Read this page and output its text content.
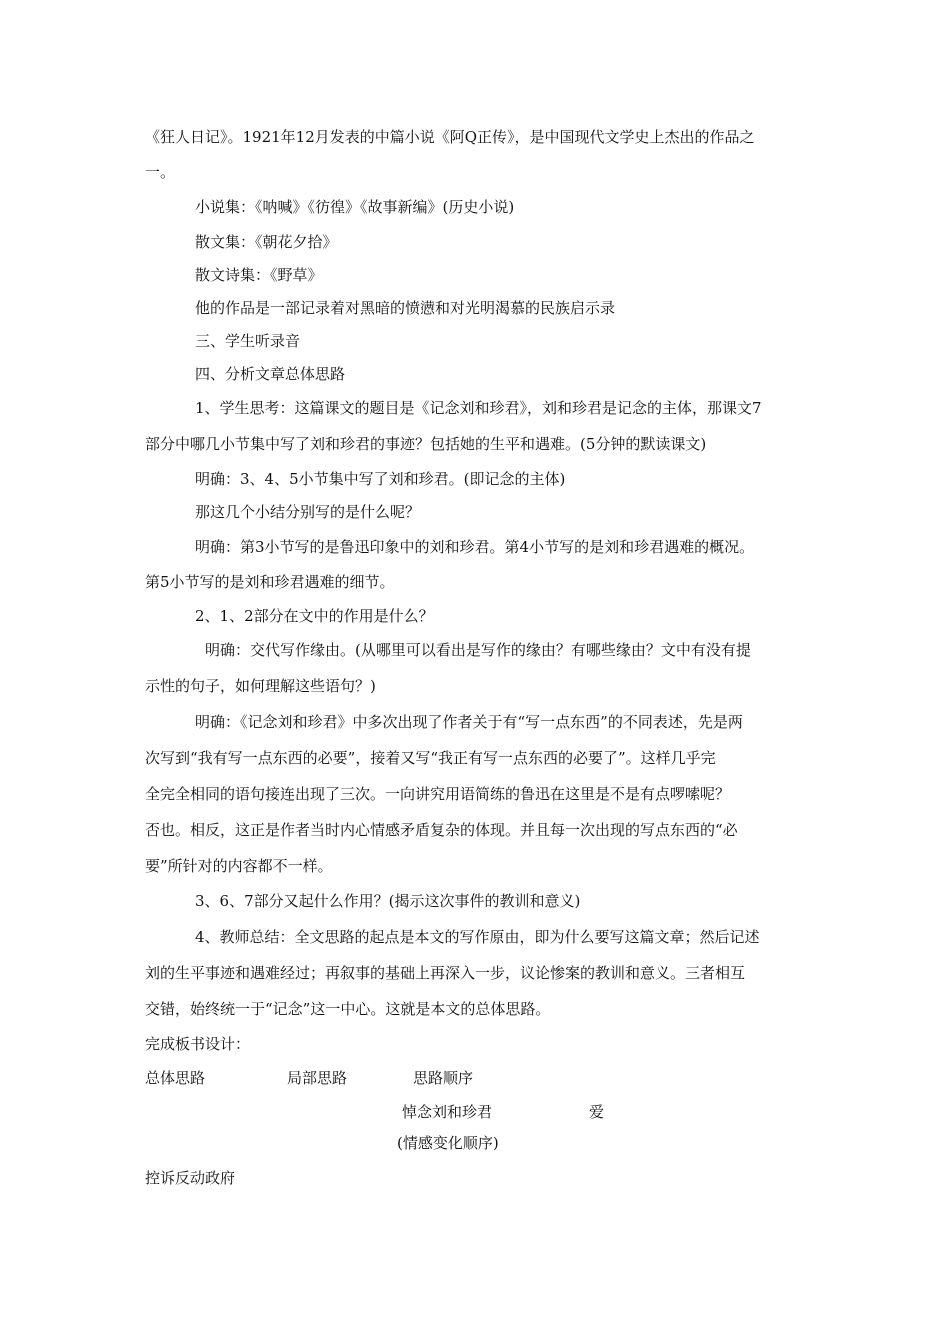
《狂人日记》。1921年12月发表的中篇小说《阿Q正传》，是中国现代文学史上杰出的作品之
一。
小说集：《呐喊》《彷徨》《故事新编》(历史小说)
散文集：《朝花夕拾》
散文诗集：《野草》
他的作品是一部记录着对黑暗的愤懑和对光明渴慕的民族启示录
三、学生听录音
四、分析文章总体思路
1、学生思考：这篇课文的题目是《记念刘和珍君》，刘和珍君是记念的主体，那课文7
部分中哪几小节集中写了刘和珍君的事迹？包括她的生平和遇难。(5分钟的默读课文)
明确：3、4、5小节集中写了刘和珍君。(即记念的主体)
那这几个小结分别写的是什么呢？
明确：第3小节写的是鲁迅印象中的刘和珍君。第4小节写的是刘和珍君遇难的概况。
第5小节写的是刘和珍君遇难的细节。
2、1、2部分在文中的作用是什么？
明确：交代写作缘由。(从哪里可以看出是写作的缘由？有哪些缘由？文中有没有提
示性的句子，如何理解这些语句？)
明确：《记念刘和珍君》中多次出现了作者关于有“写一点东西”的不同表述，先是两
次写到“我有写一点东西的必要”，接着又写“我正有写一点东西的必要了”。这样几乎完
全完全相同的语句接连出现了三次。一向讲究用语简练的鲁迅在这里是不是有点啰嗦呢？
否也。相反，这正是作者当时内心情感矛盾复杂的体现。并且每一次出现的写点东西的“必
要”所针对的内容都不一样。
3、6、7部分又起什么作用？(揭示这次事件的教训和意义)
4、教师总结：全文思路的起点是本文的写作原由，即为什么要写这篇文章；然后记述
刘的生平事迹和遇难经过；再叙事的基础上再深入一步，议论惨案的教训和意义。三者相互
交错，始终统一于“记念”这一中心。这就是本文的总体思路。
完成板书设计：
总体思路	局部思路	思路顺序
悼念刘和珍君	爱
(情感变化顺序)
控诉反动政府
